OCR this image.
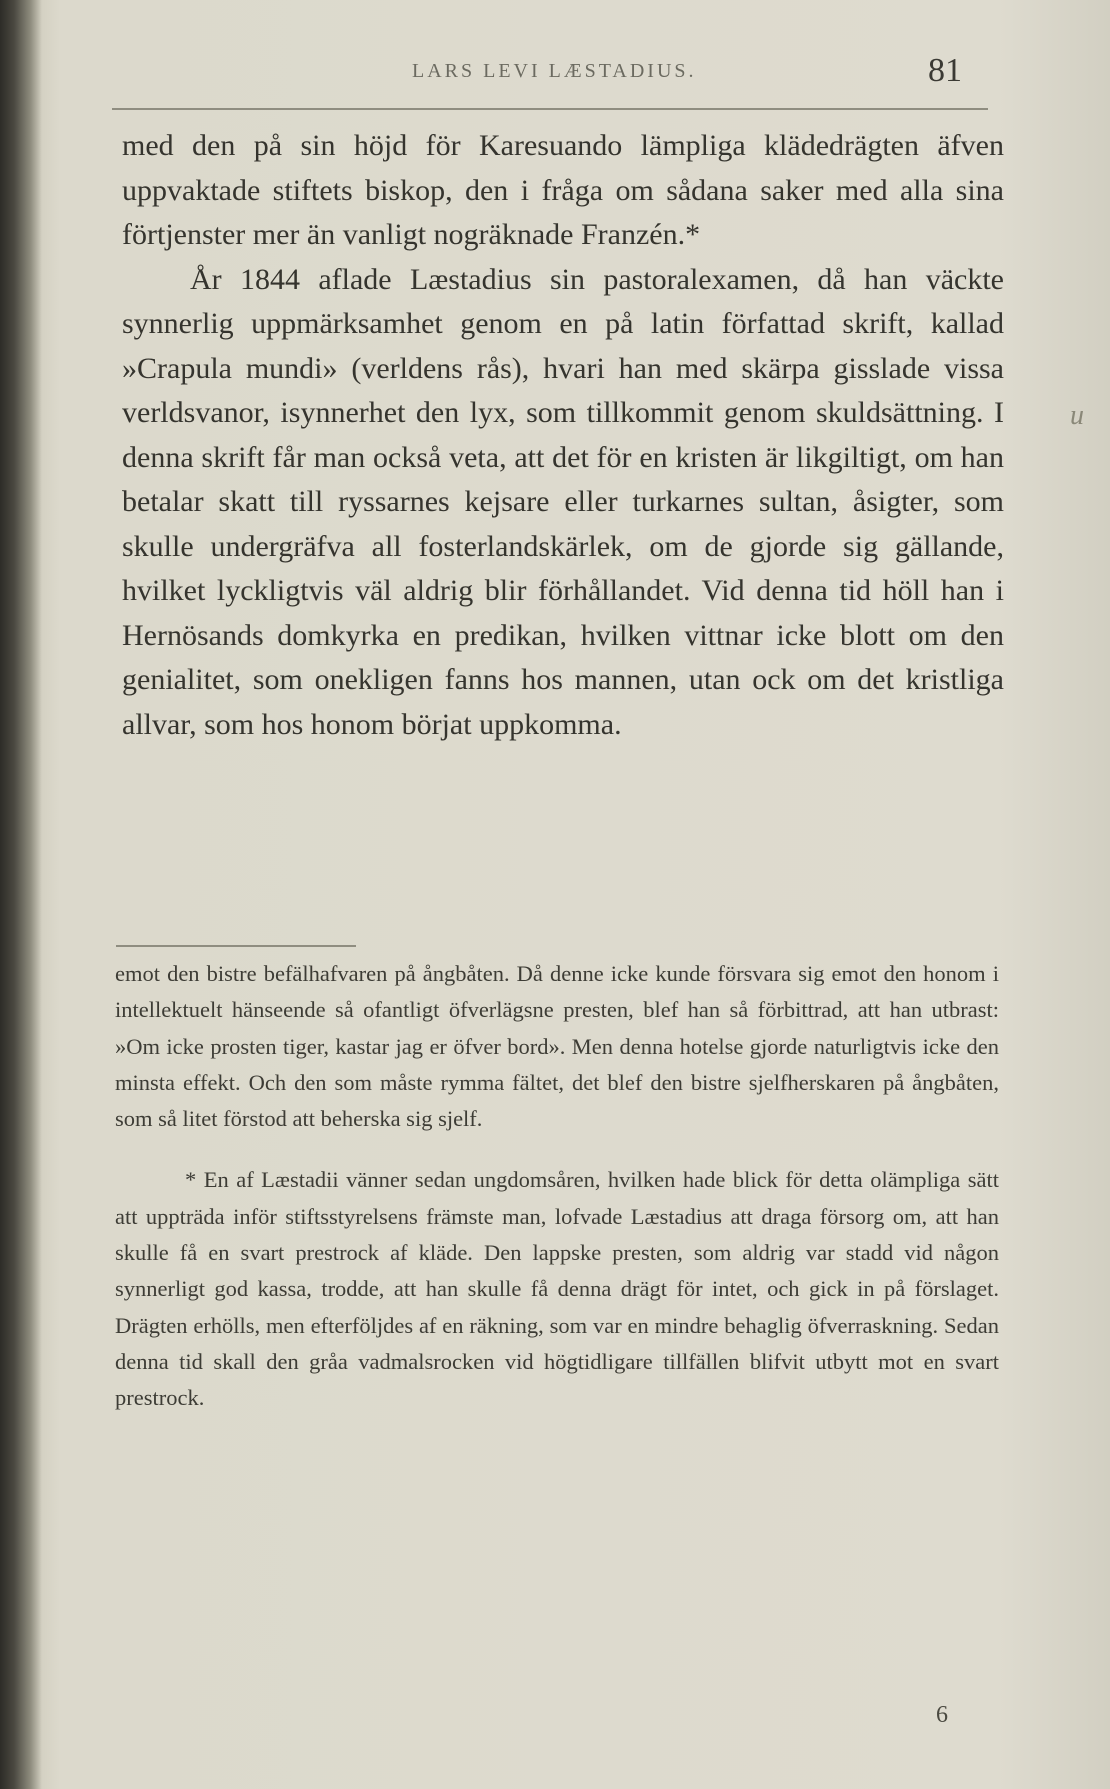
LARS LEVI LÆSTADIUS.	81

med den på sin höjd för Karesuando lämpliga klädedrägten äfven uppvaktade stiftets biskop, den i fråga om sådana saker med alla sina förtjenster mer än vanligt nogräknade Franzén.*

År 1844 aflade Læstadius sin pastoralexamen, då han väckte synnerlig uppmärksamhet genom en på latin författad skrift, kallad »Crapula mundi» (verldens rås), hvari han med skärpa gisslade vissa verldsvanor, isynnerhet den lyx, som tillkommit genom skuldsättning. I denna skrift får man också veta, att det för en kristen är likgiltigt, om han betalar skatt till ryssarnes kejsare eller turkarnes sultan, åsigter, som skulle undergräfva all fosterlandskärlek, om de gjorde sig gällande, hvilket lyckligtvis väl aldrig blir förhållandet. Vid denna tid höll han i Hernösands domkyrka en predikan, hvilken vittnar icke blott om den genialitet, som onekligen fanns hos mannen, utan ock om det kristliga allvar, som hos honom börjat uppkomma.

u

emot den bistre befälhafvaren på ångbåten. Då denne icke kunde försvara sig emot den honom i intellektuelt hänseende så ofantligt öfverlägsne presten, blef han så förbittrad, att han utbrast: »Om icke prosten tiger, kastar jag er öfver bord». Men denna hotelse gjorde naturligtvis icke den minsta effekt. Och den som måste rymma fältet, det blef den bistre sjelfherskaren på ångbåten, som så litet förstod att beherska sig sjelf.

* En af Læstadii vänner sedan ungdomsåren, hvilken hade blick för detta olämpliga sätt att uppträda inför stiftsstyrelsens främste man, lofvade Læstadius att draga försorg om, att han skulle få en svart prestrock af kläde. Den lappske presten, som aldrig var stadd vid någon synnerligt god kassa, trodde, att han skulle få denna drägt för intet, och gick in på förslaget. Drägten erhölls, men efterföljdes af en räkning, som var en mindre behaglig öfverraskning. Sedan denna tid skall den gråa vadmalsrocken vid högtidligare tillfällen blifvit utbytt mot en svart prestrock.

6
